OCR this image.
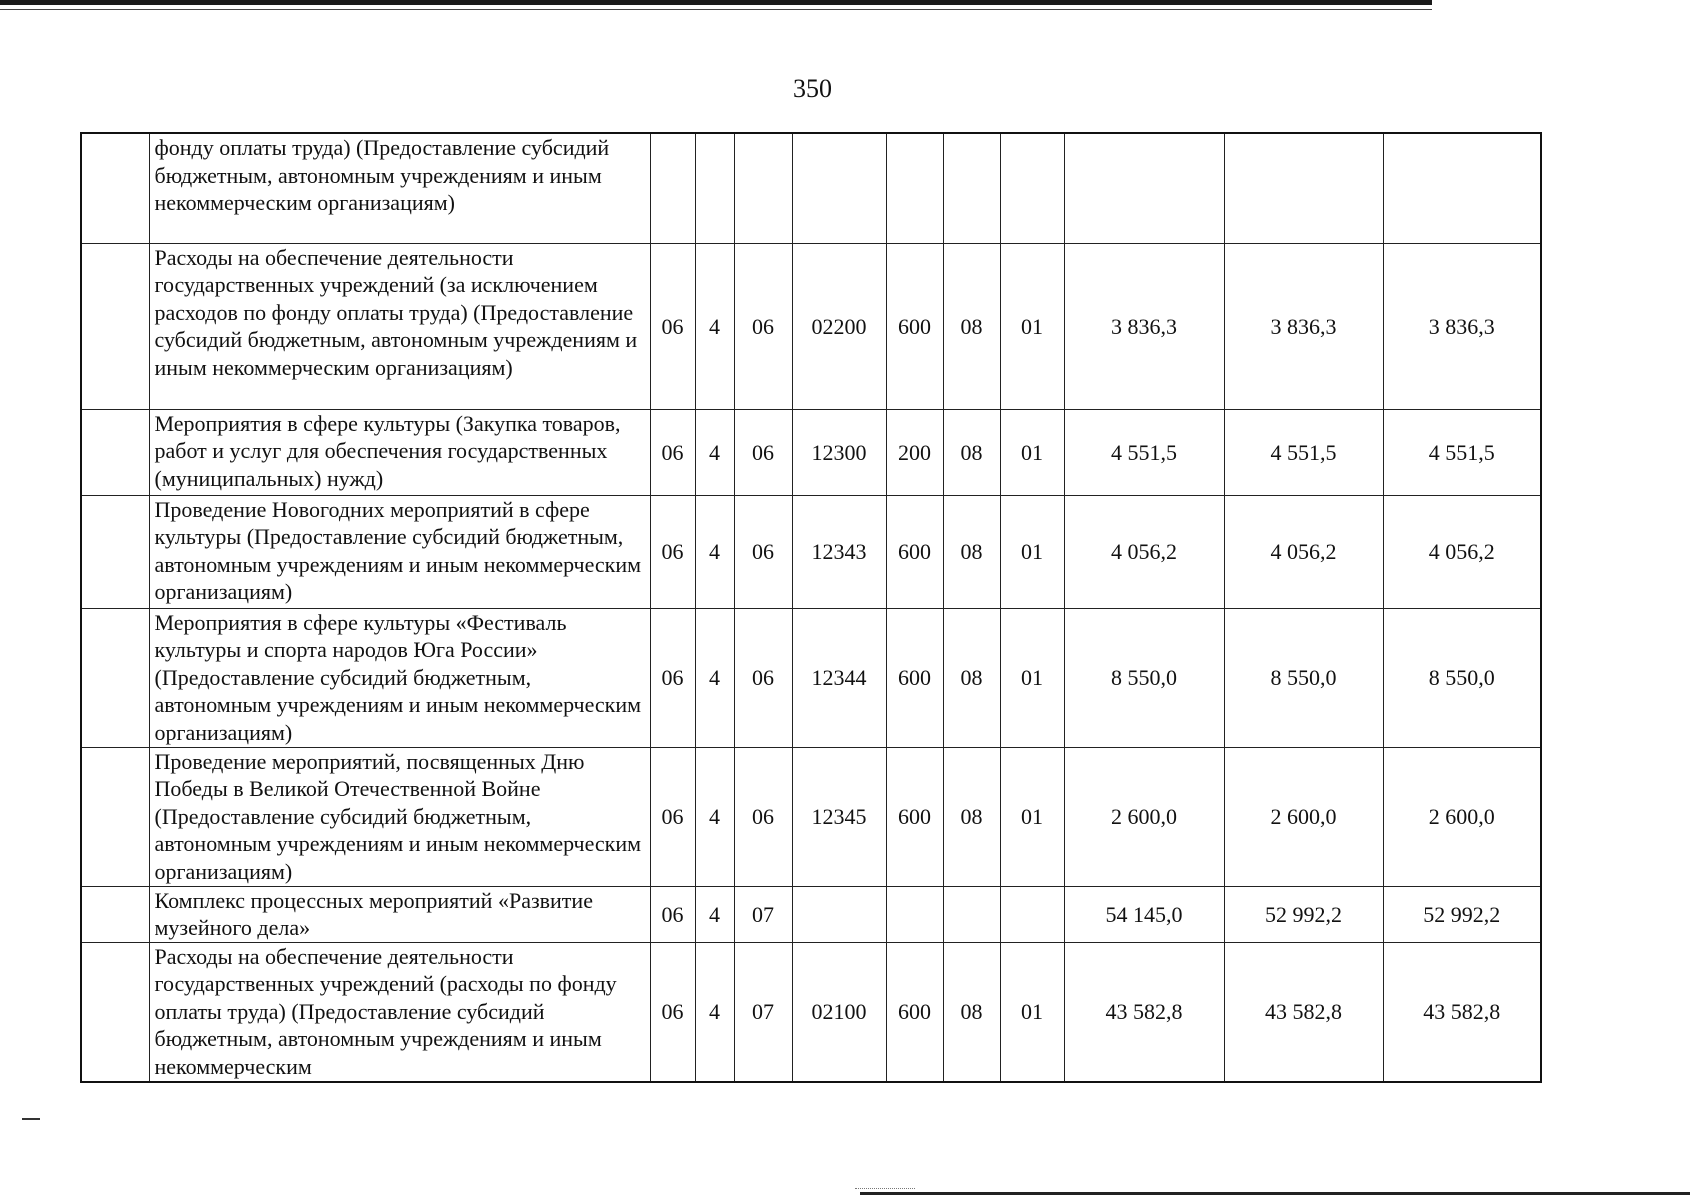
350
	фонду оплаты труда) (Предоставление субсидий бюджетным, автономным учреждениям и иным некоммерческим организациям)										
	Расходы на обеспечение деятельности государственных учреждений (за исключением расходов по фонду оплаты труда) (Предоставление субсидий бюджетным, автономным учреждениям и иным некоммерческим организациям)	06	4	06	02200	600	08	01	3 836,3	3 836,3	3 836,3
	Мероприятия в сфере культуры (Закупка товаров, работ и услуг для обеспечения государственных (муниципальных) нужд)	06	4	06	12300	200	08	01	4 551,5	4 551,5	4 551,5
	Проведение Новогодних мероприятий в сфере культуры (Предоставление субсидий бюджетным, автономным учреждениям и иным некоммерческим организациям)	06	4	06	12343	600	08	01	4 056,2	4 056,2	4 056,2
	Мероприятия в сфере культуры «Фестиваль культуры и спорта народов Юга России» (Предоставление субсидий бюджетным, автономным учреждениям и иным некоммерческим организациям)	06	4	06	12344	600	08	01	8 550,0	8 550,0	8 550,0
	Проведение мероприятий, посвященных Дню Победы в Великой Отечественной Войне (Предоставление субсидий бюджетным, автономным учреждениям и иным некоммерческим организациям)	06	4	06	12345	600	08	01	2 600,0	2 600,0	2 600,0
	Комплекс процессных мероприятий «Развитие музейного дела»	06	4	07					54 145,0	52 992,2	52 992,2
	Расходы на обеспечение деятельности государственных учреждений (расходы по фонду оплаты труда) (Предоставление субсидий бюджетным, автономным учреждениям и иным некоммерческим	06	4	07	02100	600	08	01	43 582,8	43 582,8	43 582,8
